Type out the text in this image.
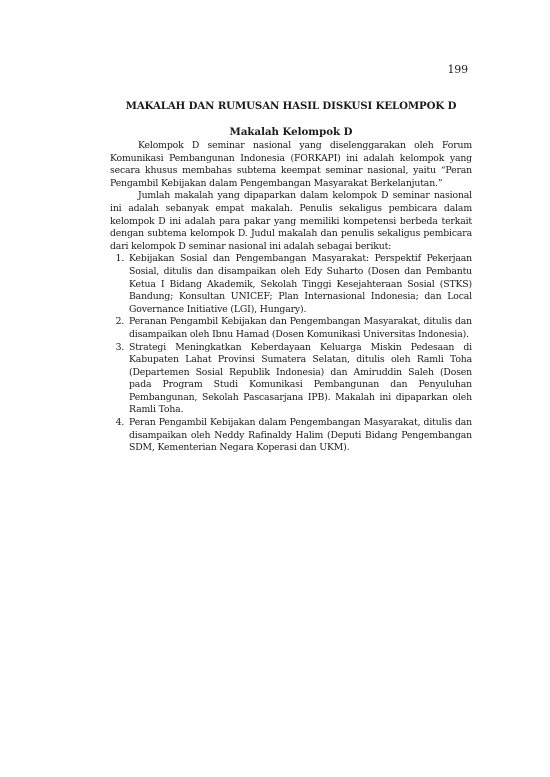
199

MAKALAH DAN RUMUSAN HASIL DISKUSI KELOMPOK D
Makalah Kelompok D

Kelompok D seminar nasional yang diselenggarakan oleh Forum Komunikasi Pembangunan Indonesia (FORKAPI) ini adalah kelompok yang secara khusus membahas subtema keempat seminar nasional, yaitu “Peran Pengambil Kebijakan dalam Pengembangan Masyarakat Berkelanjutan.”

Jumlah makalah yang dipaparkan dalam kelompok D seminar nasional ini adalah sebanyak empat makalah. Penulis sekaligus pembicara dalam kelompok D ini adalah para pakar yang memiliki kompetensi berbeda terkait dengan subtema kelompok D. Judul makalah dan penulis sekaligus pembicara dari kelompok D seminar nasional ini adalah sebagai berikut:

1. Kebijakan Sosial dan Pengembangan Masyarakat: Perspektif Pekerjaan Sosial, ditulis dan disampaikan oleh Edy Suharto (Dosen dan Pembantu Ketua I Bidang Akademik, Sekolah Tinggi Kesejahteraan Sosial (STKS) Bandung; Konsultan UNICEF; Plan Internasional Indonesia; dan Local Governance Initiative (LGI), Hungary).
2. Peranan Pengambil Kebijakan dan Pengembangan Masyarakat, ditulis dan disampaikan oleh Ibnu Hamad (Dosen Komunikasi Universitas Indonesia).
3. Strategi Meningkatkan Keberdayaan Keluarga Miskin Pedesaan di Kabupaten Lahat Provinsi Sumatera Selatan, ditulis oleh Ramli Toha (Departemen Sosial Republik Indonesia) dan Amiruddin Saleh (Dosen pada Program Studi Komunikasi Pembangunan dan Penyuluhan Pembangunan, Sekolah Pascasarjana IPB). Makalah ini dipaparkan oleh Ramli Toha.
4. Peran Pengambil Kebijakan dalam Pengembangan Masyarakat, ditulis dan disampaikan oleh Neddy Rafinaldy Halim (Deputi Bidang Pengembangan SDM, Kementerian Negara Koperasi dan UKM).
